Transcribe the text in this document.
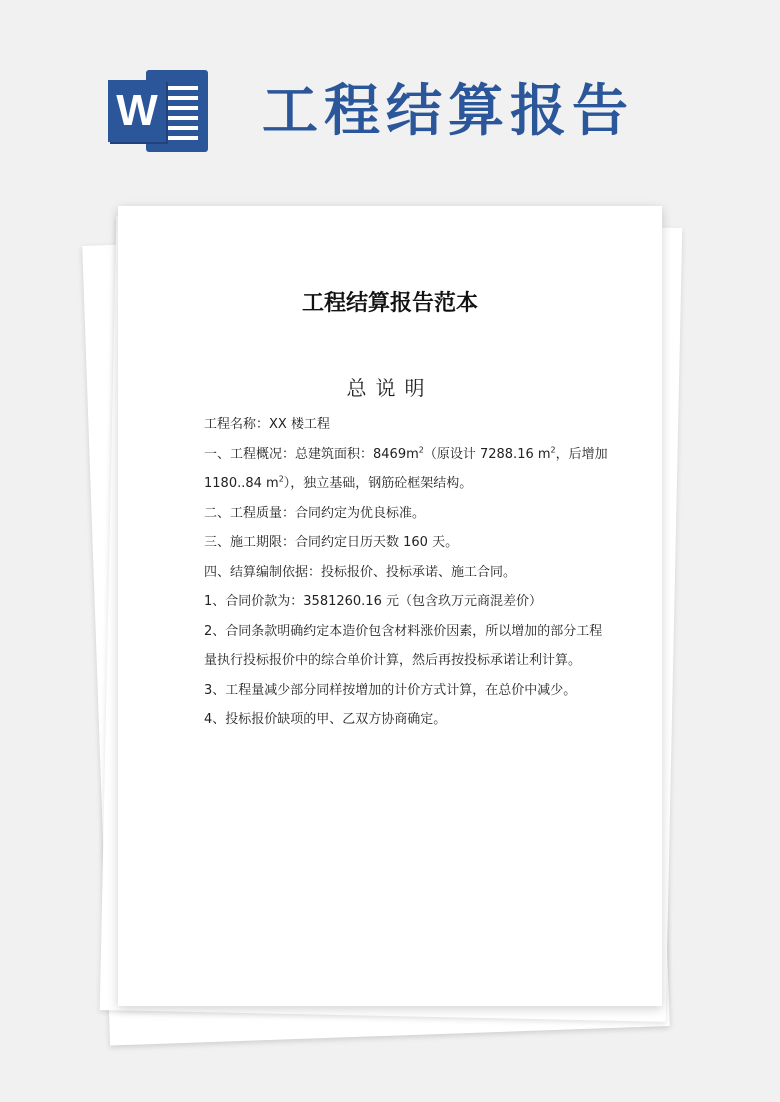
W 工程结算报告
工程结算报告范本
总说明

工程名称：XX 楼工程

一、工程概况：总建筑面积：$8469m^2$（原设计 7288.16 $m^2$，后增加 1180..84 $m^2$），独立基础，钢筋砼框架结构。

二、工程质量：合同约定为优良标准。

三、施工期限：合同约定日历天数 160 天。

四、结算编制依据：投标报价、投标承诺、施工合同。

1、合同价款为：3581260.16 元（包含玖万元商混差价）

2、合同条款明确约定本造价包含材料涨价因素，所以增加的部分工程量执行投标报价中的综合单价计算，然后再按投标承诺让利计算。

3、工程量减少部分同样按增加的计价方式计算，在总价中减少。

4、投标报价缺项的甲、乙双方协商确定。
